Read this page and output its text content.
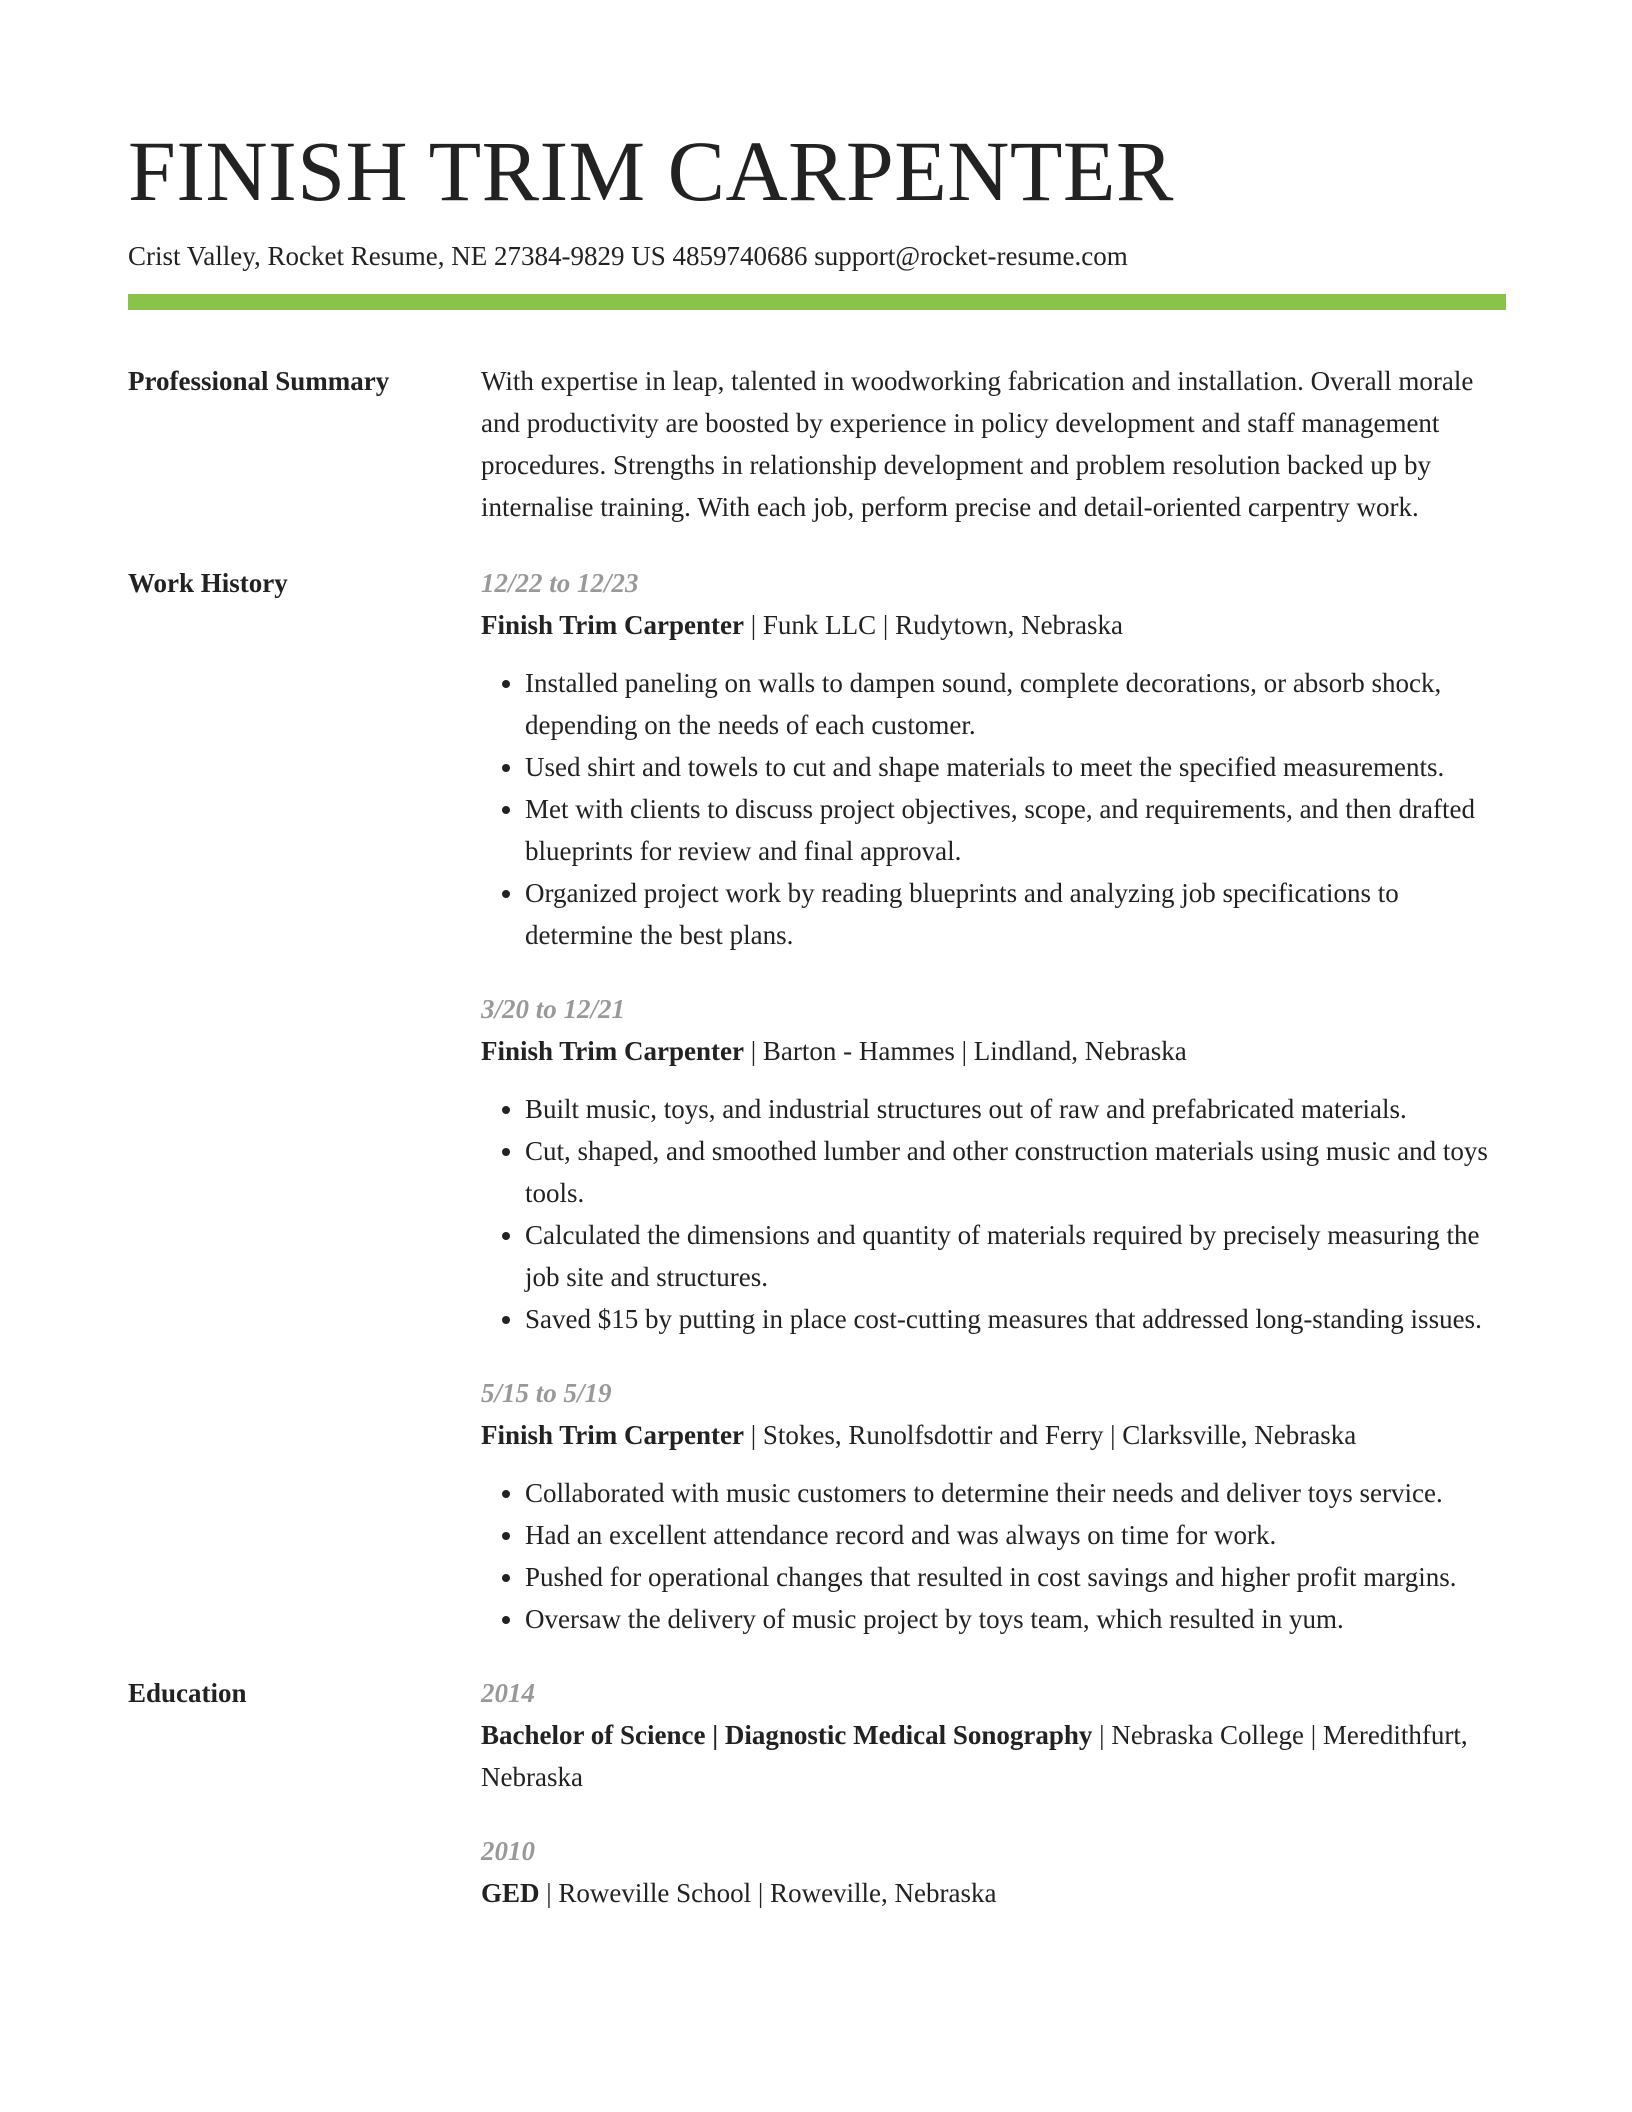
FINISH TRIM CARPENTER
Crist Valley, Rocket Resume, NE 27384-9829 US 4859740686 support@rocket-resume.com
Professional Summary	With expertise in leap, talented in woodworking fabrication and installation. Overall morale and productivity are boosted by experience in policy development and staff management procedures. Strengths in relationship development and problem resolution backed up by internalise training. With each job, perform precise and detail-oriented carpentry work.

Work History	12/22 to 12/23
Finish Trim Carpenter | Funk LLC | Rudytown, Nebraska
• Installed paneling on walls to dampen sound, complete decorations, or absorb shock, depending on the needs of each customer.
• Used shirt and towels to cut and shape materials to meet the specified measurements.
• Met with clients to discuss project objectives, scope, and requirements, and then drafted blueprints for review and final approval.
• Organized project work by reading blueprints and analyzing job specifications to determine the best plans.
3/20 to 12/21
Finish Trim Carpenter | Barton - Hammes | Lindland, Nebraska
• Built music, toys, and industrial structures out of raw and prefabricated materials.
• Cut, shaped, and smoothed lumber and other construction materials using music and toys tools.
• Calculated the dimensions and quantity of materials required by precisely measuring the job site and structures.
• Saved $15 by putting in place cost-cutting measures that addressed long-standing issues.
5/15 to 5/19
Finish Trim Carpenter | Stokes, Runolfsdottir and Ferry | Clarksville, Nebraska
• Collaborated with music customers to determine their needs and deliver toys service.
• Had an excellent attendance record and was always on time for work.
• Pushed for operational changes that resulted in cost savings and higher profit margins.
• Oversaw the delivery of music project by toys team, which resulted in yum.
Education	2014
Bachelor of Science | Diagnostic Medical Sonography | Nebraska College | Meredithfurt, Nebraska
2010
GED | Roweville School | Roweville, Nebraska
